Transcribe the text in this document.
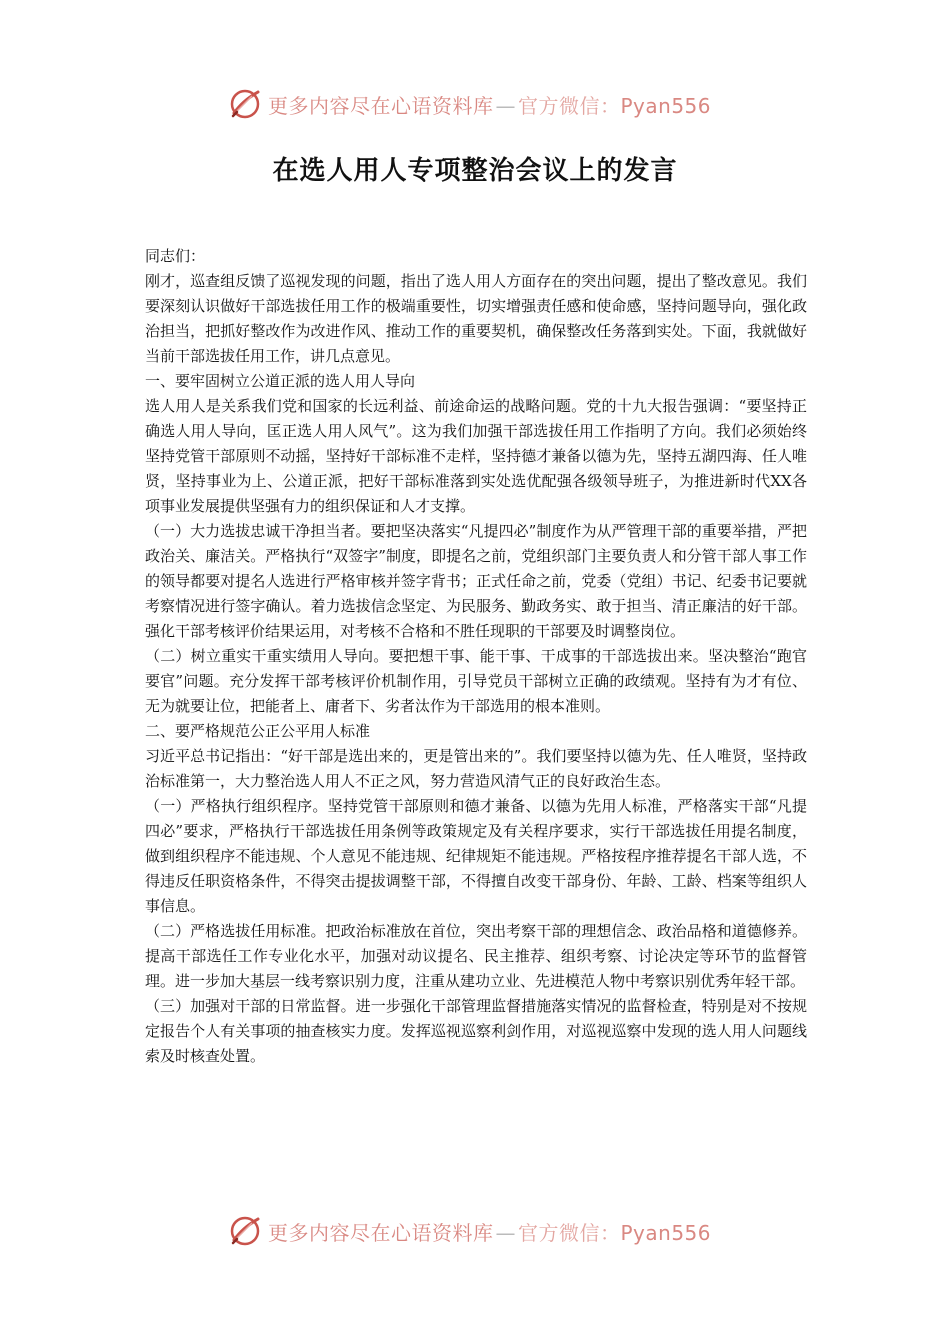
更多内容尽在心语资料库 — 官方微信：Pyan556
在选人用人专项整治会议上的发言

同志们：

刚才，巡查组反馈了巡视发现的问题，指出了选人用人方面存在的突出问题，提出了整改意见。我们要深刻认识做好干部选拔任用工作的极端重要性，切实增强责任感和使命感，坚持问题导向，强化政治担当，把抓好整改作为改进作风、推动工作的重要契机，确保整改任务落到实处。下面，我就做好当前干部选拔任用工作，讲几点意见。

一、要牢固树立公道正派的选人用人导向

选人用人是关系我们党和国家的长远利益、前途命运的战略问题。党的十九大报告强调：“要坚持正确选人用人导向，匡正选人用人风气”。这为我们加强干部选拔任用工作指明了方向。我们必须始终坚持党管干部原则不动摇，坚持好干部标准不走样，坚持德才兼备以德为先，坚持五湖四海、任人唯贤，坚持事业为上、公道正派，把好干部标准落到实处选优配强各级领导班子，为推进新时代XX各项事业发展提供坚强有力的组织保证和人才支撑。

（一）大力选拔忠诚干净担当者。要把坚决落实“凡提四必”制度作为从严管理干部的重要举措，严把政治关、廉洁关。严格执行“双签字”制度，即提名之前，党组织部门主要负责人和分管干部人事工作的领导都要对提名人选进行严格审核并签字背书；正式任命之前，党委（党组）书记、纪委书记要就考察情况进行签字确认。着力选拔信念坚定、为民服务、勤政务实、敢于担当、清正廉洁的好干部。强化干部考核评价结果运用，对考核不合格和不胜任现职的干部要及时调整岗位。

（二）树立重实干重实绩用人导向。要把想干事、能干事、干成事的干部选拔出来。坚决整治“跑官要官”问题。充分发挥干部考核评价机制作用，引导党员干部树立正确的政绩观。坚持有为才有位、无为就要让位，把能者上、庸者下、劣者汰作为干部选用的根本准则。

二、要严格规范公正公平用人标准

习近平总书记指出：“好干部是选出来的，更是管出来的”。我们要坚持以德为先、任人唯贤，坚持政治标准第一，大力整治选人用人不正之风，努力营造风清气正的良好政治生态。

（一）严格执行组织程序。坚持党管干部原则和德才兼备、以德为先用人标准，严格落实干部“凡提四必”要求，严格执行干部选拔任用条例等政策规定及有关程序要求，实行干部选拔任用提名制度，做到组织程序不能违规、个人意见不能违规、纪律规矩不能违规。严格按程序推荐提名干部人选，不得违反任职资格条件，不得突击提拔调整干部，不得擅自改变干部身份、年龄、工龄、档案等组织人事信息。

（二）严格选拔任用标准。把政治标准放在首位，突出考察干部的理想信念、政治品格和道德修养。提高干部选任工作专业化水平，加强对动议提名、民主推荐、组织考察、讨论决定等环节的监督管理。进一步加大基层一线考察识别力度，注重从建功立业、先进模范人物中考察识别优秀年轻干部。

（三）加强对干部的日常监督。进一步强化干部管理监督措施落实情况的监督检查，特别是对不按规定报告个人有关事项的抽查核实力度。发挥巡视巡察利剑作用，对巡视巡察中发现的选人用人问题线索及时核查处置。

更多内容尽在心语资料库 — 官方微信：Pyan556
